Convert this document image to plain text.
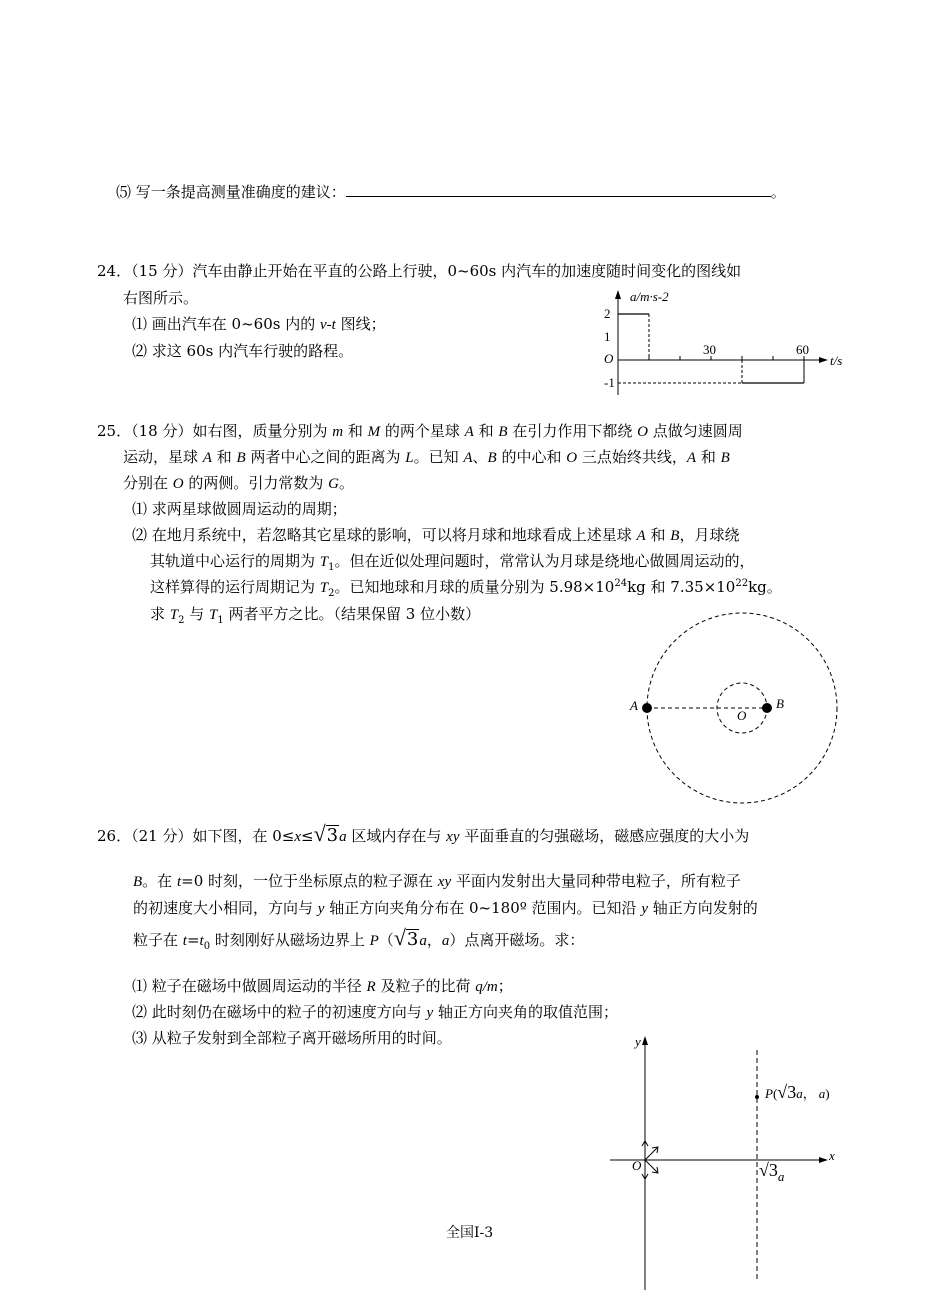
⑸ 写一条提高测量准确度的建议：	。
24．（15 分）汽车由静止开始在平直的公路上行驶，0~60s 内汽车的加速度随时间变化的图线如
右图所示。
⑴ 画出汽车在 0~60s 内的 v-t 图线；
⑵ 求这 60s 内汽车行驶的路程。
a/m·s-2
t/s
O
2
1
-1
30	60
25．（18 分）如右图，质量分别为 m 和 M 的两个星球 A 和 B 在引力作用下都绕 O 点做匀速圆周
运动，星球 A 和 B 两者中心之间的距离为 L。已知 A、B 的中心和 O 三点始终共线，A 和 B
分别在 O 的两侧。引力常数为 G。
⑴ 求两星球做圆周运动的周期；
⑵ 在地月系统中，若忽略其它星球的影响，可以将月球和地球看成上述星球 A 和 B，月球绕
其轨道中心运行的周期为 $T_1$。但在近似处理问题时，常常认为月球是绕地心做圆周运动的，
这样算得的运行周期记为 $T_2$。已知地球和月球的质量分别为 $5.98\times 10^{24}kg$ 和 $7.35\times 10^{22}kg$。
求 $T_2$ 与 $T_1$ 两者平方之比。（结果保留 3 位小数）
A	B
O
26．（21 分）如下图，在 0≤x≤√3a 区域内存在与 xy 平面垂直的匀强磁场，磁感应强度的大小为
B。在 t=0 时刻，一位于坐标原点的粒子源在 xy 平面内发射出大量同种带电粒子，所有粒子
的初速度大小相同，方向与 y 轴正方向夹角分布在 0~180º 范围内。已知沿 y 轴正方向发射的
粒子在 $t=t_0$ 时刻刚好从磁场边界上 P（√3a，a）点离开磁场。求：
⑴ 粒子在磁场中做圆周运动的半径 R 及粒子的比荷 q/m；
⑵ 此时刻仍在磁场中的粒子的初速度方向与 y 轴正方向夹角的取值范围；
⑶ 从粒子发射到全部粒子离开磁场所用的时间。	y
x
O
P(√3a， a)
√3a
全国Ⅰ-3
